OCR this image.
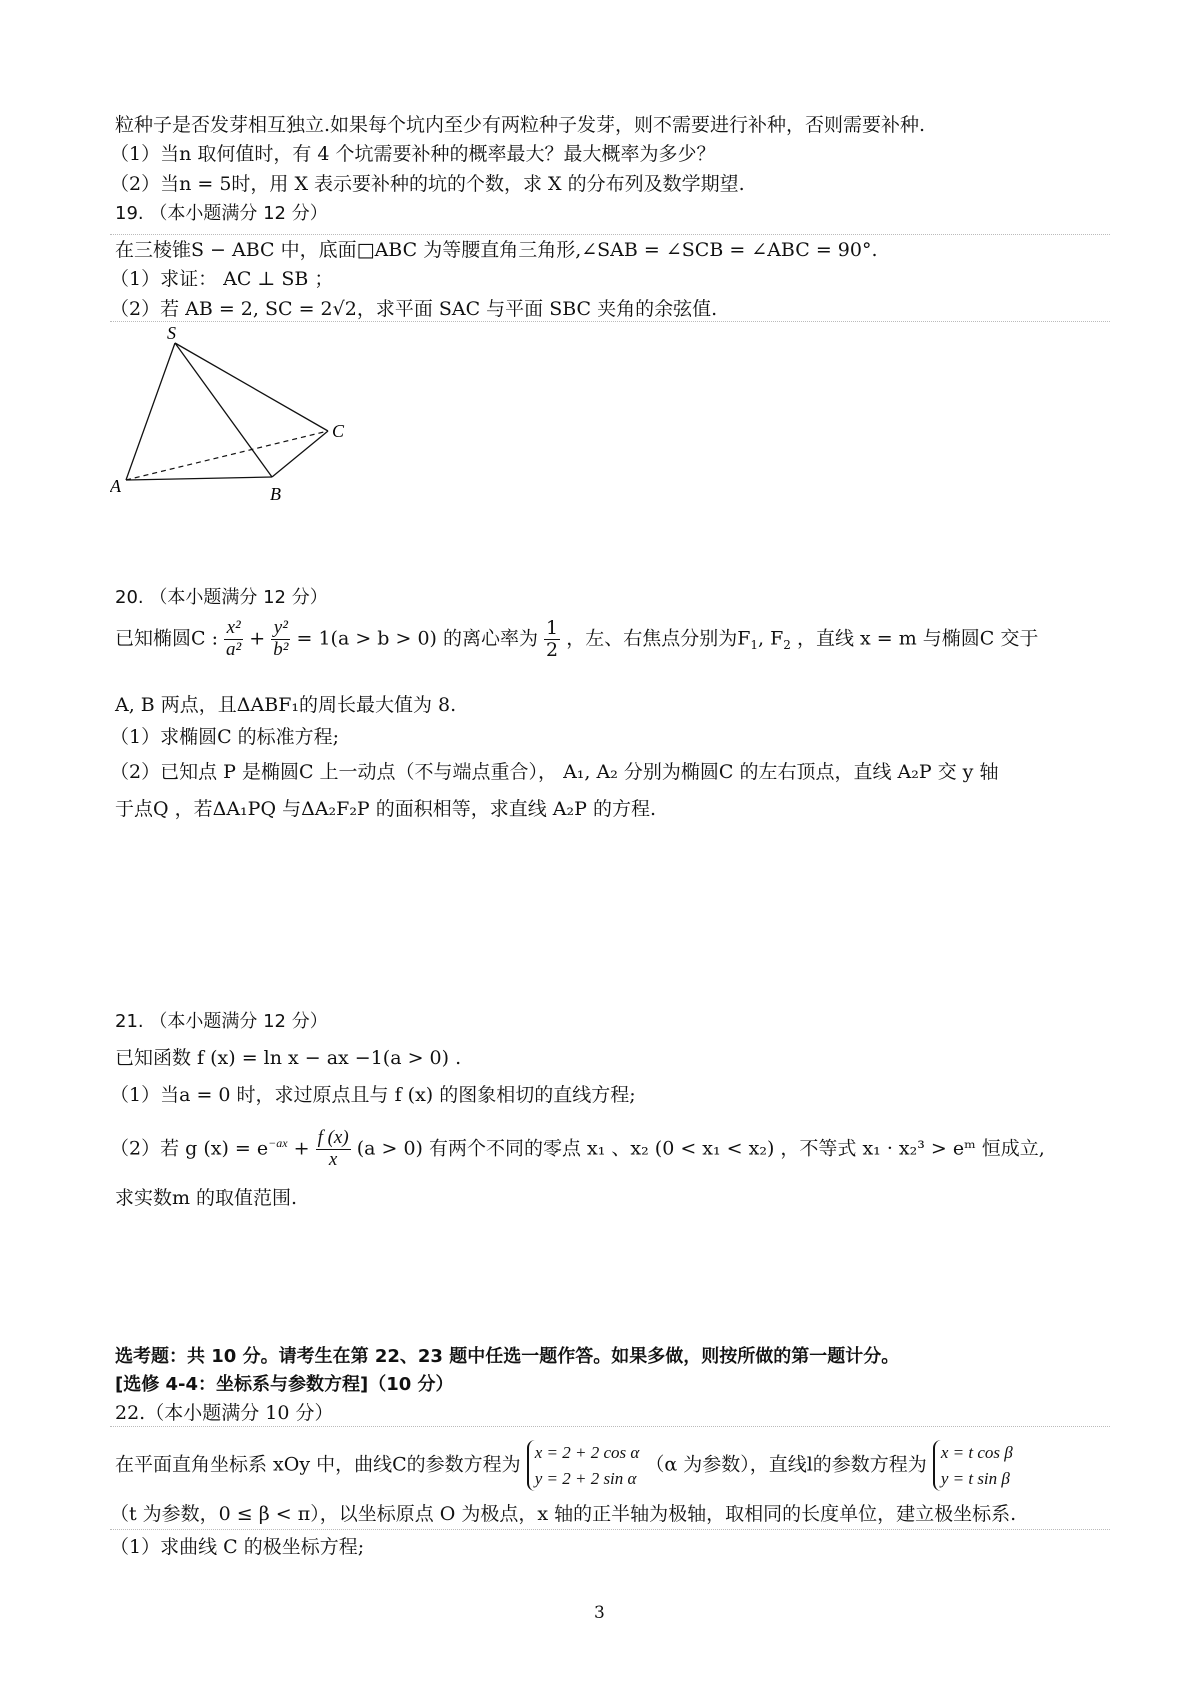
粒种子是否发芽相互独立.如果每个坑内至少有两粒种子发芽，则不需要进行补种，否则需要补种.
（1）当n 取何值时，有 4 个坑需要补种的概率最大？最大概率为多少？
（2）当n = 5时，用 X 表示要补种的坑的个数，求 X 的分布列及数学期望.
19. （本小题满分 12 分）
在三棱锥S − ABC 中，底面□ABC 为等腰直角三角形,∠SAB = ∠SCB = ∠ABC = 90°.
（1）求证： AC ⊥ SB ；
（2）若 AB = 2, SC = 2√2，求平面 SAC 与平面 SBC 夹角的余弦值.
S
A	B
C
20. （本小题满分 12 分）
已知椭圆C : $\frac{\text{x²}}{\text{a²}} + \frac{\text{y²}}{\text{b²}} = 1(a > b > 0)$ 的离心率为 $\frac{1}{2}$ ，左、右焦点分别为$F_1$, $F_2$ ，直线 x = m 与椭圆C 交于
A, B 两点，且ΔABF₁的周长最大值为 8.
（1）求椭圆C 的标准方程;
（2）已知点 P 是椭圆C 上一动点（不与端点重合）， A₁, A₂ 分别为椭圆C 的左右顶点，直线 A₂P 交 y 轴
于点Q ，若ΔA₁PQ 与ΔA₂F₂P 的面积相等，求直线 A₂P 的方程.
21. （本小题满分 12 分）
已知函数 f (x) = ln x − ax −1(a > 0) .
（1）当a = 0 时，求过原点且与 f (x) 的图象相切的直线方程;
（2）若 g $(x) = e^{-ax} + \frac{f (x)}{x} (a > 0)$ 有两个不同的零点 x₁ 、x₂ (0 < x₁ < x₂) ，不等式 x₁ · x₂³ > eᵐ 恒成立,
求实数m 的取值范围.
选考题：共 10 分。请考生在第 22、23 题中任选一题作答。如果多做，则按所做的第一题计分。
[选修 4-4：坐标系与参数方程]（10 分）
22.（本小题满分 10 分）
在平面直角坐标系 xOy 中，曲线C的参数方程为
x = 2 + 2 cos α
y = 2 + 2 sin α
（α 为参数），直线l的参数方程为
x = t cos β
y = t sin β
（t 为参数，0 ≤ β < π），以坐标原点 O 为极点，x 轴的正半轴为极轴，取相同的长度单位，建立极坐标系.
（1）求曲线 C 的极坐标方程;
3
